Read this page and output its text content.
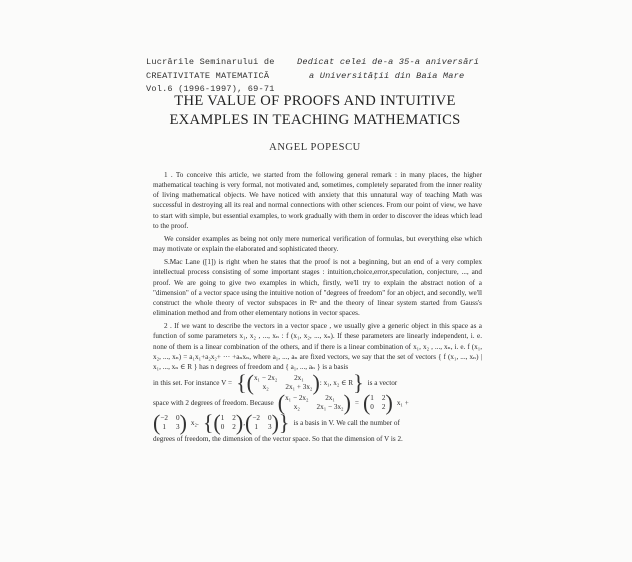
Lucrările Seminarului de
CREATIVITATE MATEMATICĂ
Vol.6 (1996-1997), 69-71
Dedicat celei de-a 35-a aniversări
a Universităţii din Baia Mare
THE VALUE OF PROOFS AND INTUITIVE
EXAMPLES IN TEACHING MATHEMATICS
ANGEL POPESCU

1 . To conceive this article, we started from the following general remark : in many places, the higher mathematical teaching is very formal, not motivated and, sometimes, completely separated from the inner reality of living mathematical objects. We have noticed with anxiety that this unnatural way of teaching Math was successful in destroying all its real and normal connections with other sciences. From our point of view, we have to start with simple, but essential examples, to work gradually with them in order to discover the ideas which lead to the proof.

We consider examples as being not only mere numerical verification of formulas, but everything else which may motivate or explain the elaborated and sophisticated theory.

S.Mac Lane ([1]) is right when he states that the proof is not a beginning, but an end of a very complex intellectual process consisting of some important stages : intuition,choice,error,speculation, conjecture, ..., and proof. We are going to give two examples in which, firstly, we'll try to explain the abstract notion of a "dimension" of a vector space using the intuitive notion of "degrees of freedom" for an object, and secondly, we'll construct the whole theory of vector subspaces in Rⁿ and the theory of linear system started from Gauss's elimination method and from other elementary notions in vector spaces.

2 . If we want to describe the vectors in a vector space , we usually give a generic object in this space as a function of some parameters x₁, x₂ , ..., xₙ : f (x₁, x₂, ..., xₙ). If these parameters are linearly independent, i. e. none of them is a linear combination of the others, and if there is a linear combination of x₁, x₂ , ..., xₙ, i. e. f (x₁, x₂, ..., xₙ) = a₁x₁+a₂x₂+ ··· +aₙxₙ, where a₁, ..., aₙ are fixed vectors, we say that the set of vectors { f (x₁, ..., xₙ) | x₁, ..., xₙ ∈ R } has n degrees of freedom and { a₁, ..., aₙ } is a basis

in this set. For instance V = {( x₁ − 2x₂	2x₁
x₂	2x₁ + 3x₂ ) : x₁, x₂ ∈ R } is a vector
space with 2 degrees of freedom. Because ( x₁ − 2x₂	2x₁
x₂	2x₁ − 3x₂ ) = ( 1 2
0 2 ) x₁ +
( −2 0
1 3 ) x₂. {( 1 2
0 2 ) , ( −2 0
1 3 )} is a basis in V. We call the number of

degrees of freedom, the dimension of the vector space. So that the dimension of V is 2.
